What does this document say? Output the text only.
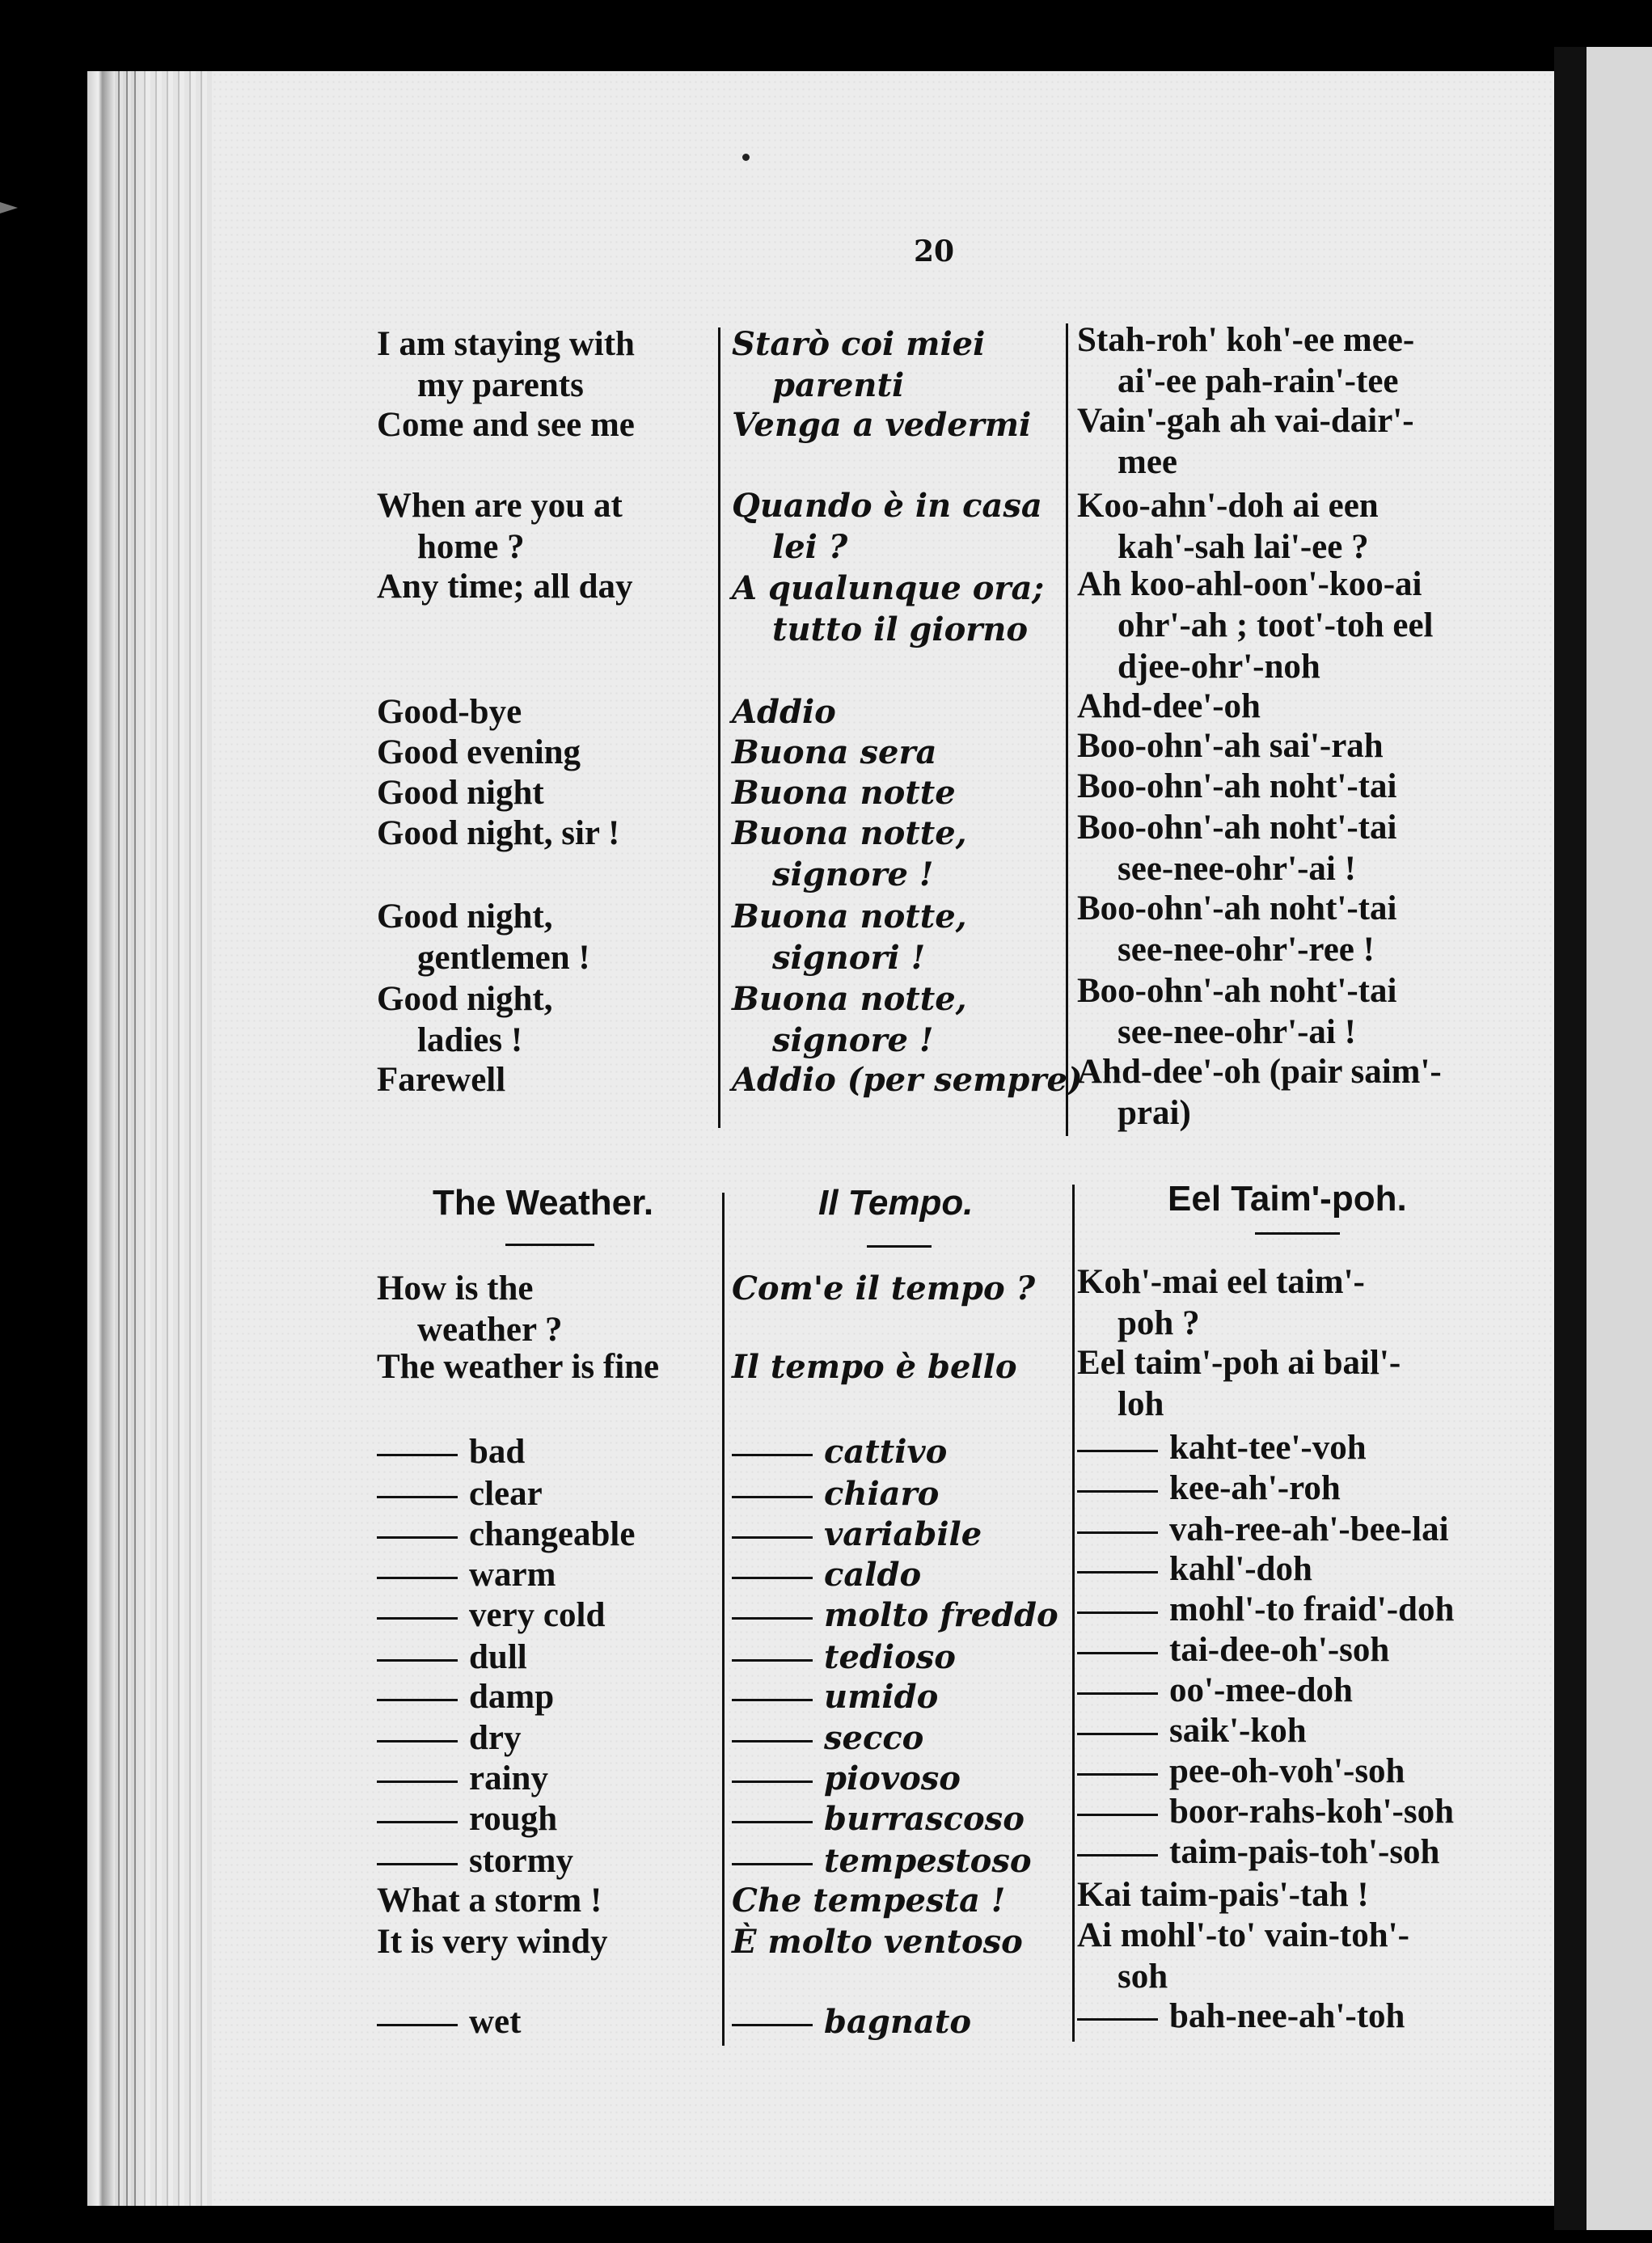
20
The Weather.	Il Tempo.	Eel Taim'-poh.
I am staying with
my parents
Come and see me
When are you at
home ?
Any time; all day
Good-bye
Good evening
Good night
Good night, sir !
Good night,
gentlemen !
Good night,
ladies !
Farewell
How is the
weather ?
The weather is fine
bad
clear
changeable
warm
very cold
dull
damp
dry
rainy
rough
stormy
What a storm !
It is very windy
wet
Starò coi miei
parenti
Venga a vedermi
Quando è in casa
lei ?
A qualunque ora;
tutto il giorno
Addio
Buona sera
Buona notte
Buona notte,
signore !
Buona notte,
signori !
Buona notte,
signore !
Addio (per sempre)
Com'e il tempo ?
Il tempo è bello
cattivo
chiaro
variabile
caldo
molto freddo
tedioso
umido
secco
piovoso
burrascoso
tempestoso
Che tempesta !
È molto ventoso
bagnato
Stah-roh' koh'-ee mee-
ai'-ee pah-rain'-tee
Vain'-gah ah vai-dair'-
mee
Koo-ahn'-doh ai een
kah'-sah lai'-ee ?
Ah koo-ahl-oon'-koo-ai
ohr'-ah ; toot'-toh eel
djee-ohr'-noh
Ahd-dee'-oh
Boo-ohn'-ah sai'-rah
Boo-ohn'-ah noht'-tai
Boo-ohn'-ah noht'-tai
see-nee-ohr'-ai !
Boo-ohn'-ah noht'-tai
see-nee-ohr'-ree !
Boo-ohn'-ah noht'-tai
see-nee-ohr'-ai !
Ahd-dee'-oh (pair saim'-
prai)
Koh'-mai eel taim'-
poh ?
Eel taim'-poh ai bail'-
loh
kaht-tee'-voh
kee-ah'-roh
vah-ree-ah'-bee-lai
kahl'-doh
mohl'-to fraid'-doh
tai-dee-oh'-soh
oo'-mee-doh
saik'-koh
pee-oh-voh'-soh
boor-rahs-koh'-soh
taim-pais-toh'-soh
Kai taim-pais'-tah !
Ai mohl'-to' vain-toh'-
soh
bah-nee-ah'-toh
